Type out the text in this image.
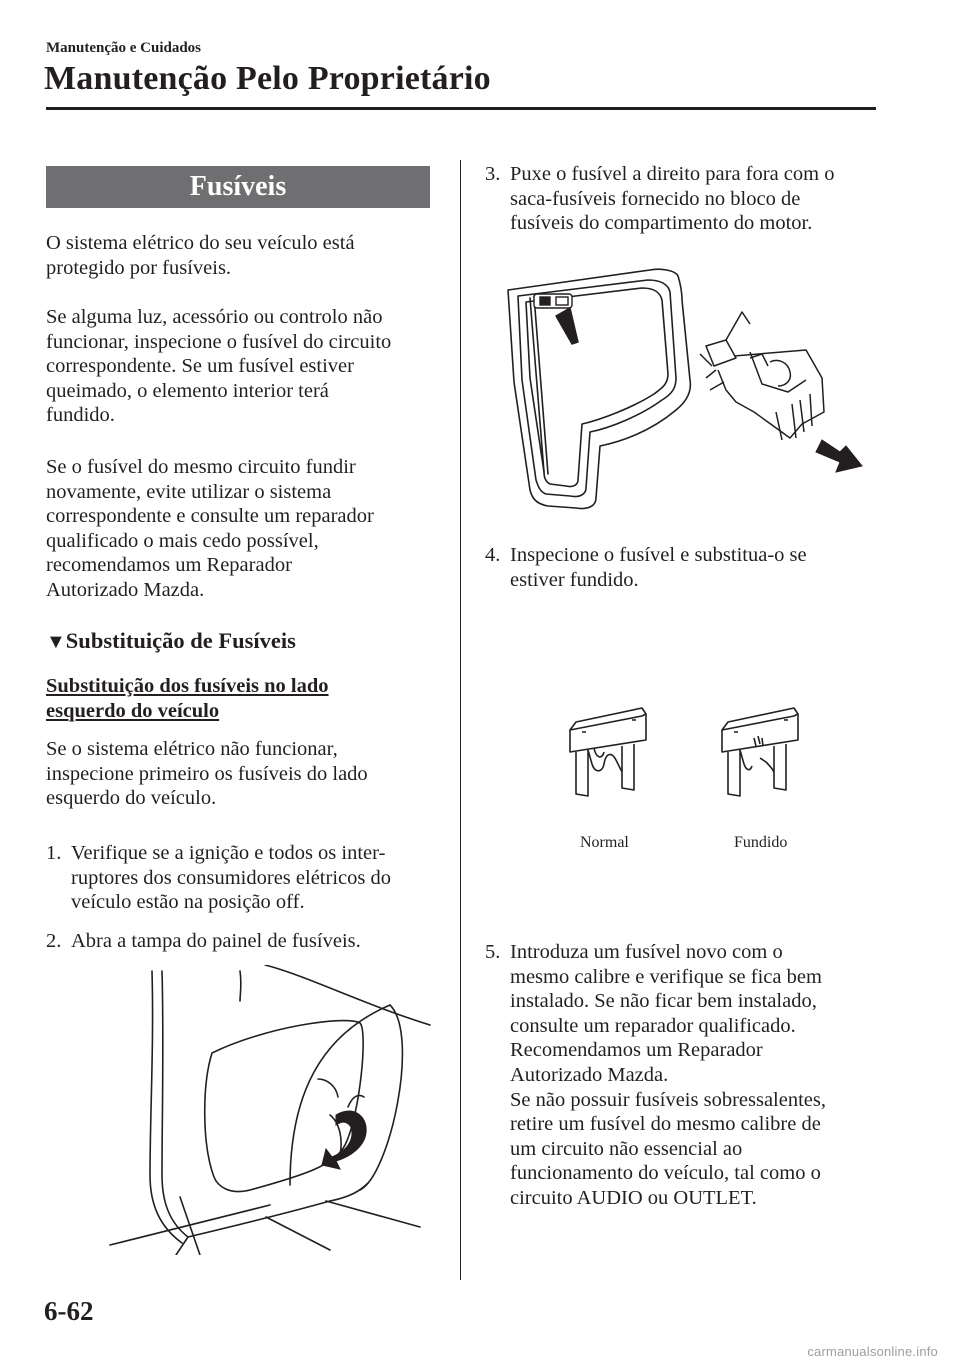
Manutenção e Cuidados
Manutenção Pelo Proprietário
Fusíveis
O sistema elétrico do seu veículo está
protegido por fusíveis.
Se alguma luz, acessório ou controlo não
funcionar, inspecione o fusível do circuito
correspondente. Se um fusível estiver
queimado, o elemento interior terá
fundido.
Se o fusível do mesmo circuito fundir
novamente, evite utilizar o sistema
correspondente e consulte um reparador
qualificado o mais cedo possível,
recomendamos um Reparador
Autorizado Mazda.
▼Substituição de Fusíveis
Substituição dos fusíveis no lado
esquerdo do veículo
Se o sistema elétrico não funcionar,
inspecione primeiro os fusíveis do lado
esquerdo do veículo.
1. Verifique se a ignição e todos os inter-
ruptores dos consumidores elétricos do
veículo estão na posição off.
2. Abra a tampa do painel de fusíveis.
3. Puxe o fusível a direito para fora com o
saca-fusíveis fornecido no bloco de
fusíveis do compartimento do motor.
4. Inspecione o fusível e substitua-o se
estiver fundido.
Normal	Fundido
5. Introduza um fusível novo com o
mesmo calibre e verifique se fica bem
instalado. Se não ficar bem instalado,
consulte um reparador qualificado.
Recomendamos um Reparador
Autorizado Mazda.
Se não possuir fusíveis sobressalentes,
retire um fusível do mesmo calibre de
um circuito não essencial ao
funcionamento do veículo, tal como o
circuito AUDIO ou OUTLET.
6-62
carmanualsonline.info
